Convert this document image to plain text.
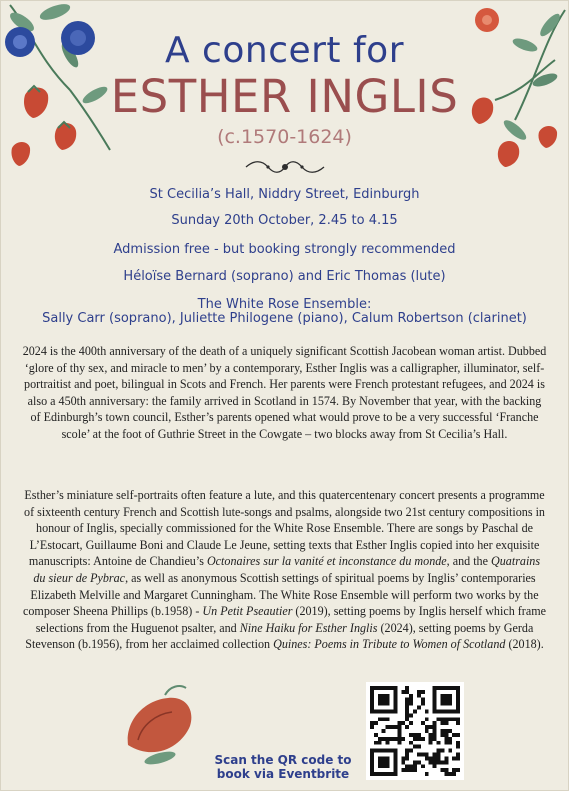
A concert for
ESTHER INGLIS
(c.1570-1624)
St Cecilia’s Hall, Niddry Street, Edinburgh
Sunday 20th October, 2.45 to 4.15
Admission free - but booking strongly recommended
Héloïse Bernard (soprano) and Eric Thomas (lute)
The White Rose Ensemble:
Sally Carr (soprano), Juliette Philogene (piano), Calum Robertson (clarinet)
2024 is the 400th anniversary of the death of a uniquely significant Scottish Jacobean woman artist. Dubbed ‘glore of thy sex, and miracle to men’ by a contemporary, Esther Inglis was a calligrapher, illuminator, self-portraitist and poet, bilingual in Scots and French. Her parents were French protestant refugees, and 2024 is also a 450th anniversary: the family arrived in Scotland in 1574. By November that year, with the backing of Edinburgh’s town council, Esther’s parents opened what would prove to be a very successful ‘Franche scole’ at the foot of Guthrie Street in the Cowgate – two blocks away from St Cecilia’s Hall.
Esther’s miniature self-portraits often feature a lute, and this quatercentenary concert presents a programme of sixteenth century French and Scottish lute-songs and psalms, alongside two 21st century compositions in honour of Inglis, specially commissioned for the White Rose Ensemble. There are songs by Paschal de L’Estocart, Guillaume Boni and Claude Le Jeune, setting texts that Esther Inglis copied into her exquisite manuscripts: Antoine de Chandieu’s Octonaires sur la vanité et inconstance du monde, and the Quatrains du sieur de Pybrac, as well as anonymous Scottish settings of spiritual poems by Inglis’ contemporaries Elizabeth Melville and Margaret Cunningham. The White Rose Ensemble will perform two works by the composer Sheena Phillips (b.1958) - Un Petit Pseautier (2019), setting poems by Inglis herself which frame selections from the Huguenot psalter, and Nine Haiku for Esther Inglis (2024), setting poems by Gerda Stevenson (b.1956), from her acclaimed collection Quines: Poems in Tribute to Women of Scotland (2018).
Scan the QR code to
book via Eventbrite
